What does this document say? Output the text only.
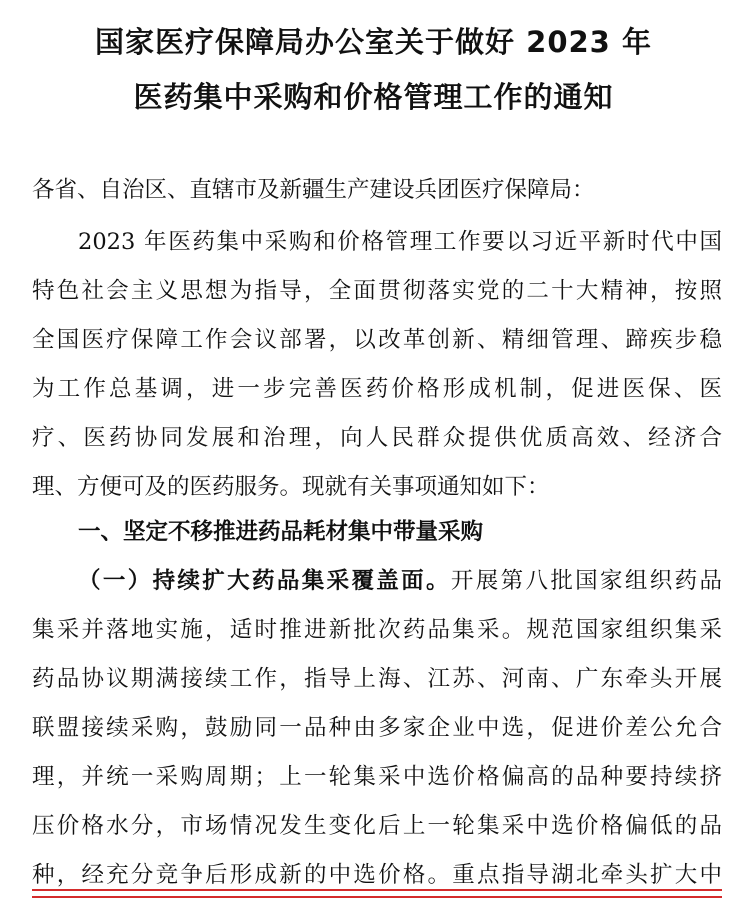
国家医疗保障局办公室关于做好 2023 年
医药集中采购和价格管理工作的通知
各省、自治区、直辖市及新疆生产建设兵团医疗保障局：
2023 年医药集中采购和价格管理工作要以习近平新时代中国
特色社会主义思想为指导，全面贯彻落实党的二十大精神，按照
全国医疗保障工作会议部署，以改革创新、精细管理、蹄疾步稳
为工作总基调，进一步完善医药价格形成机制，促进医保、医
疗、医药协同发展和治理，向人民群众提供优质高效、经济合
理、方便可及的医药服务。现就有关事项通知如下：
一、坚定不移推进药品耗材集中带量采购
（一）持续扩大药品集采覆盖面。开展第八批国家组织药品
集采并落地实施，适时推进新批次药品集采。规范国家组织集采
药品协议期满接续工作，指导上海、江苏、河南、广东牵头开展
联盟接续采购，鼓励同一品种由多家企业中选，促进价差公允合
理，并统一采购周期；上一轮集采中选价格偏高的品种要持续挤
压价格水分，市场情况发生变化后上一轮集采中选价格偏低的品
种，经充分竞争后形成新的中选价格。重点指导湖北牵头扩大中
